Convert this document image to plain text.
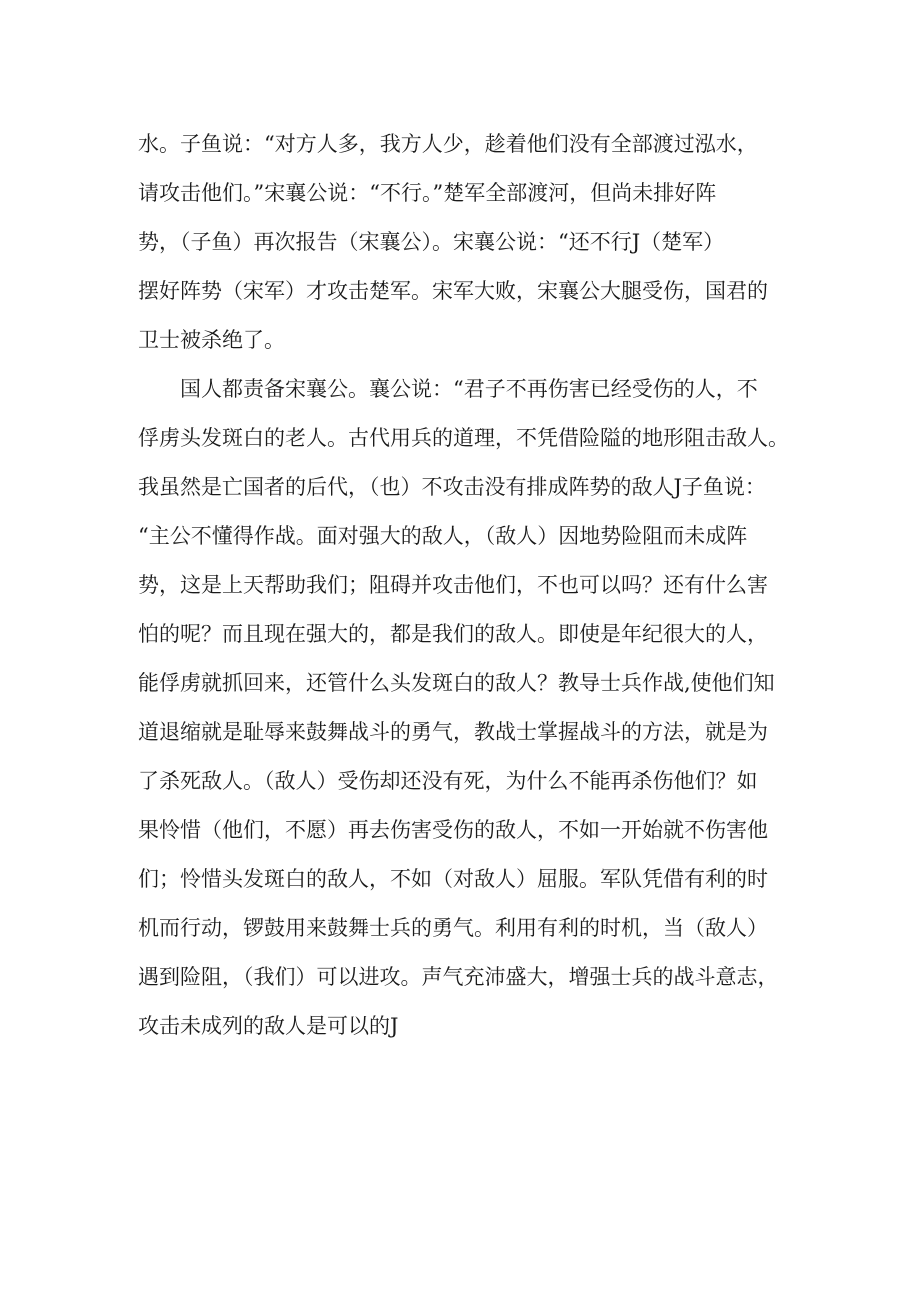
水。子鱼说：“对方人多，我方人少，趁着他们没有全部渡过泓水，
请攻击他们。”宋襄公说：“不行。”楚军全部渡河，但尚未排好阵
势，（子鱼）再次报告（宋襄公）。宋襄公说：“还不行J（楚军）
摆好阵势（宋军）才攻击楚军。宋军大败，宋襄公大腿受伤，国君的
卫士被杀绝了。
　　国人都责备宋襄公。襄公说：“君子不再伤害已经受伤的人，不
俘虏头发斑白的老人。古代用兵的道理，不凭借险隘的地形阻击敌人。
我虽然是亡国者的后代，（也）不攻击没有排成阵势的敌人J子鱼说：
“主公不懂得作战。面对强大的敌人，（敌人）因地势险阻而未成阵
势，这是上天帮助我们；阻碍并攻击他们，不也可以吗？还有什么害
怕的呢？而且现在强大的，都是我们的敌人。即使是年纪很大的人，
能俘虏就抓回来，还管什么头发斑白的敌人？教导士兵作战,使他们知
道退缩就是耻辱来鼓舞战斗的勇气，教战士掌握战斗的方法，就是为
了杀死敌人。（敌人）受伤却还没有死，为什么不能再杀伤他们？如
果怜惜（他们，不愿）再去伤害受伤的敌人，不如一开始就不伤害他
们；怜惜头发斑白的敌人，不如（对敌人）屈服。军队凭借有利的时
机而行动，锣鼓用来鼓舞士兵的勇气。利用有利的时机，当（敌人）
遇到险阻，（我们）可以进攻。声气充沛盛大，增强士兵的战斗意志，
攻击未成列的敌人是可以的J
